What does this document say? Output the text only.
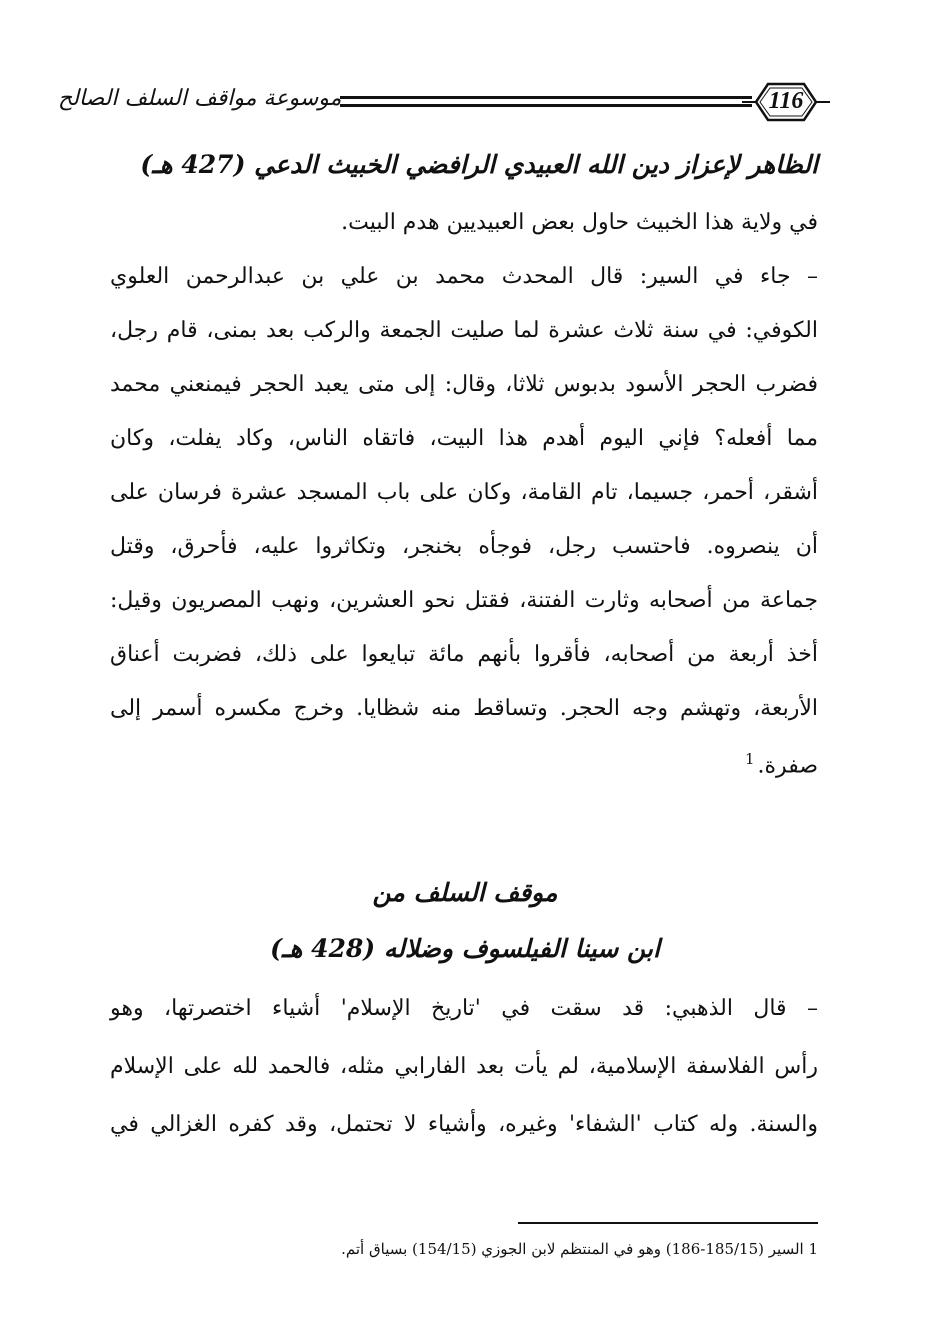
موسوعة مواقف السلف الصالح	116
الظاهر لإعزاز دين الله العبيدي الرافضي الخبيث الدعي (427 هـ)
في ولاية هذا الخبيث حاول بعض العبيديين هدم البيت.
– جاء في السير: قال المحدث محمد بن علي بن عبدالرحمن العلوي
الكوفي: في سنة ثلاث عشرة لما صليت الجمعة والركب بعد بمنى، قام رجل،
فضرب الحجر الأسود بدبوس ثلاثا، وقال: إلى متى يعبد الحجر فيمنعني محمد
مما أفعله؟ فإني اليوم أهدم هذا البيت، فاتقاه الناس، وكاد يفلت، وكان
أشقر، أحمر، جسيما، تام القامة، وكان على باب المسجد عشرة فرسان على
أن ينصروه. فاحتسب رجل، فوجأه بخنجر، وتكاثروا عليه، فأحرق، وقتل
جماعة من أصحابه وثارت الفتنة، فقتل نحو العشرين، ونهب المصريون وقيل:
أخذ أربعة من أصحابه، فأقروا بأنهم مائة تبايعوا على ذلك، فضربت أعناق
الأربعة، وتهشم وجه الحجر. وتساقط منه شظايا. وخرج مكسره أسمر إلى
صفرة.$^1$
موقف السلف من
ابن سينا الفيلسوف وضلاله (428 هـ)
– قال الذهبي: قد سقت في 'تاريخ الإسلام' أشياء اختصرتها، وهو
رأس الفلاسفة الإسلامية، لم يأت بعد الفارابي مثله، فالحمد لله على الإسلام
والسنة. وله كتاب 'الشفاء' وغيره، وأشياء لا تحتمل، وقد كفره الغزالي في
1 السير (185/15-186) وهو في المنتظم لابن الجوزي (154/15) بسياق أتم.
